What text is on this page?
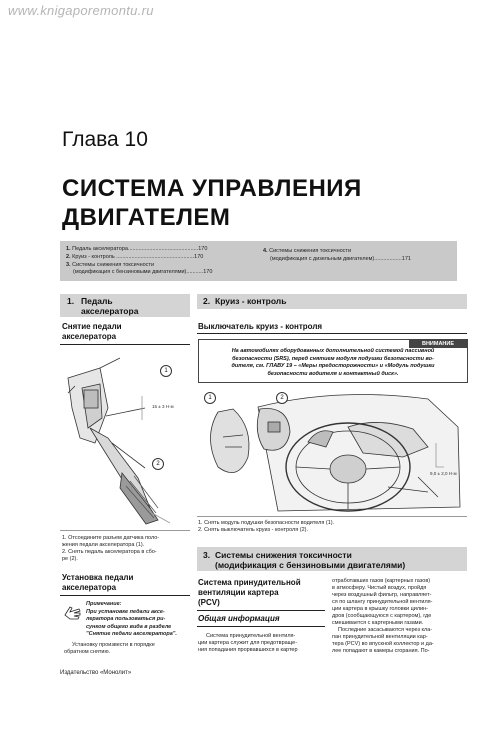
www.knigaporemontu.ru
Глава 10
СИСТЕМА УПРАВЛЕНИЯ
ДВИГАТЕЛЕМ
1. Педаль акселератора..............................................170
2. Круиз - контроль ...................................................170
3. Системы снижения токсичности
(модификация с бензиновыми двигателями)...........170
4. Системы снижения токсичности
(модификация с дизельным двигателем)..................171
1. Педаль
акселератора
Снятие педали
акселератора
1
2
15 ± 3 Н·м
1. Отсоедините разъем датчика поло-
жения педали акселератора (1).
2. Снять педаль акселератора в сбо-
ре (2).
Установка педали
акселератора
Примечание:
При установке педали аксе-
лератора пользоваться ри-
сунком общего вида в разделе
"Снятие педали акселератора".
Установку произвести в порядке
обратном снятию.
2. Круиз - контроль
Выключатель круиз - контроля
ВНИМАНИЕ
На автомобилях оборудованных дополнительной системой пассивной
безопасности (SRS), перед снятием модуля подушки безопасности во-
дителя, см. ГЛАВУ 19 – «Меры предосторожности» и «Модуль подушки
безопасности водителя и контактный диск».
1	2
9,0 ± 2,0 Н·м
1. Снять модуль подушки безопасности водителя (1).
2. Снять выключатель круиз - контроля (2).
3. Системы снижения токсичности
(модификация с бензиновыми двигателями)
Система принудительной
вентиляции картера
(PCV)
Общая информация
Система принудительной вентиля-
ции картера служит для предотвраще-
ния попадания прорвавшихся в картер
отработавших газов (картерных газов)
в атмосферу. Чистый воздух, пройдя
через воздушный фильтр, направляет-
ся по шлангу принудительной вентиля-
ции картера в крышку головки цилин-
дров (сообщающуюся с картером), где
смешивается с картерными газами.
Последние засасываются через кла-
пан принудительной вентиляции кар-
тера (PCV) во впускной коллектор и да-
лее попадают в камеры сгорания. По-
Издательство «Монолит»
